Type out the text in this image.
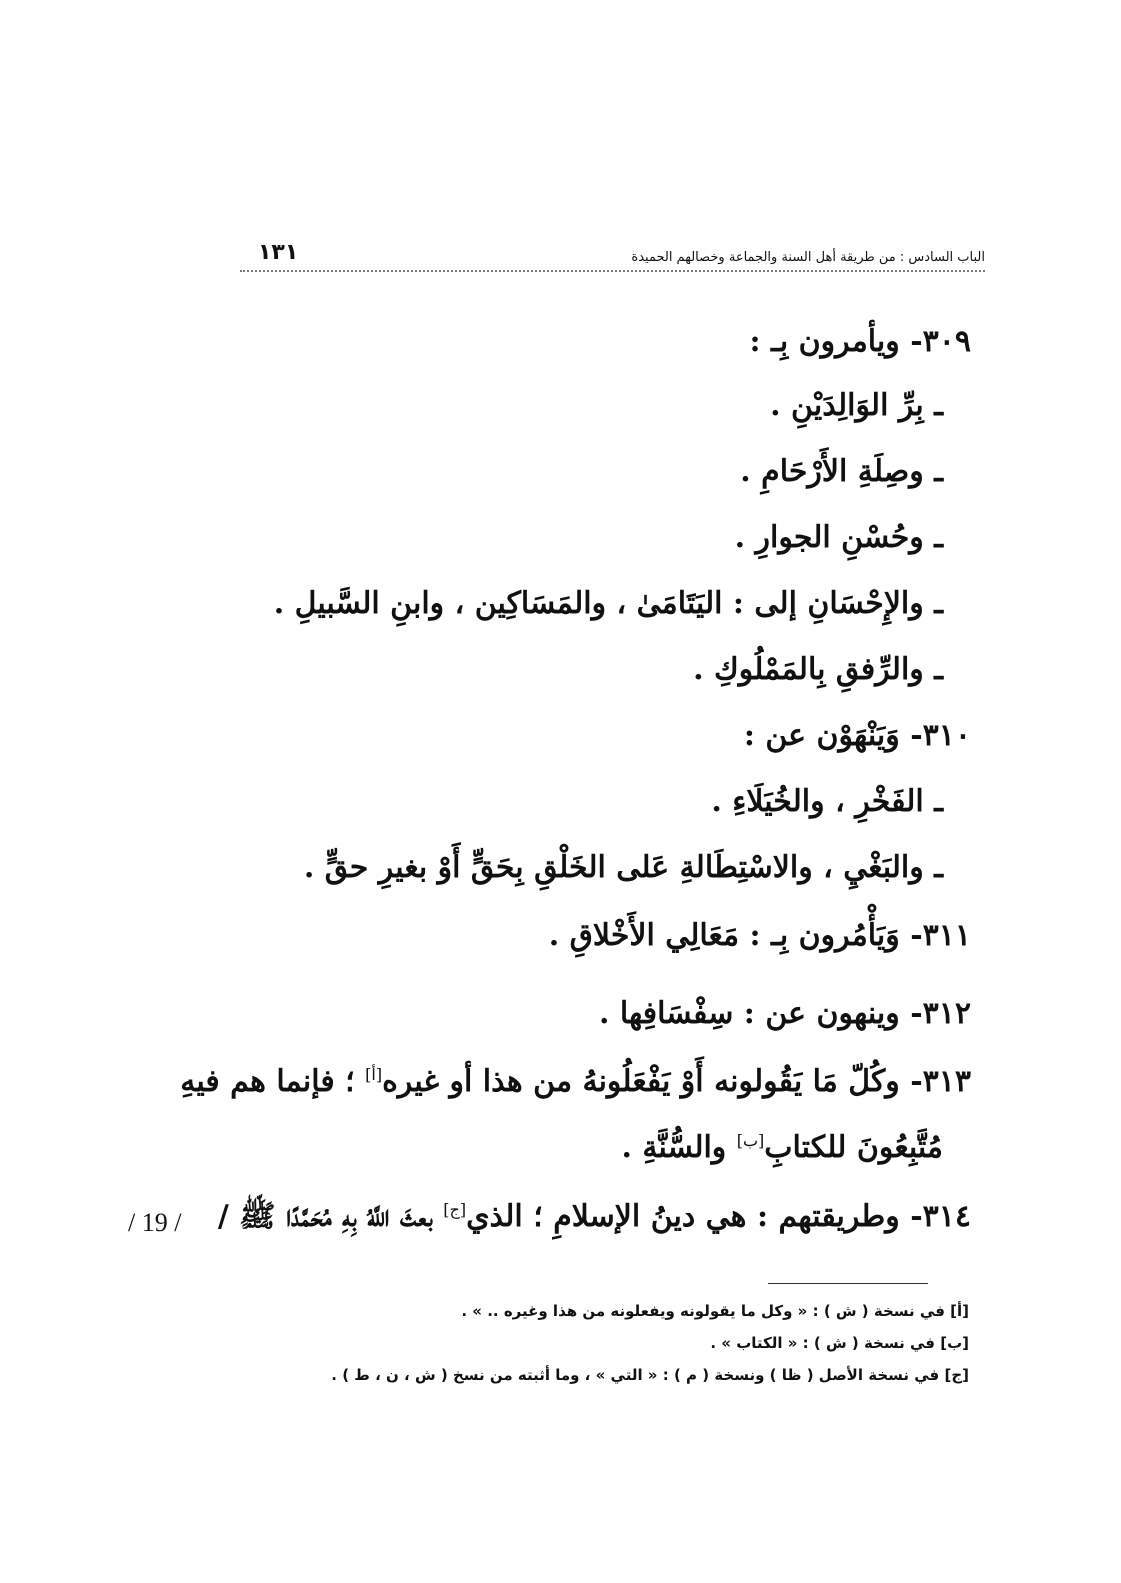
الباب السادس : من طريقة أهل السنة والجماعة وخصالهم الحميدة
١٣١
٣٠٩- ويأمرون بِـ :
ـ بِرِّ الوَالِدَيْنِ .
ـ وصِلَةِ الأَرْحَامِ .
ـ وحُسْنِ الجوارِ .
ـ والإِحْسَانِ إلى : اليَتَامَىٰ ، والمَسَاكِين ، وابنِ السَّبيلِ .
ـ والرِّفقِ بِالمَمْلُوكِ .
٣١٠- وَيَنْهَوْن عن :
ـ الفَخْرِ ، والخُيَلَاءِ .
ـ والبَغْيِ ، والاسْتِطَالةِ عَلى الخَلْقِ بِحَقٍّ أَوْ بغيرِ حقٍّ .
٣١١- وَيَأْمُرون بِـ : مَعَالِي الأَخْلاقِ .
٣١٢- وينهون عن : سِفْسَافِها .
٣١٣- وكُلّ مَا يَقُولونه أَوْ يَفْعَلُونهُ من هذا أو غيره[أ] ؛ فإنما هم فيهِ
مُتَّبِعُونَ للكتابِ[ب] والسُّنَّةِ .
٣١٤- وطريقتهم : هي دينُ الإسلامِ ؛ الذي[ج] بعثَ اللَّهُ بِهِ مُحَمَّدًا ﷺ /
/ 19 /
[أ] في نسخة ( ش ) : « وكل ما يقولونه ويفعلونه من هذا وغيره .. » .
[ب] في نسخة ( ش ) : « الكتاب » .
[ج] في نسخة الأصل ( ظا ) ونسخة ( م ) : « التي » ، وما أثبته من نسخ ( ش ، ن ، ط ) .
